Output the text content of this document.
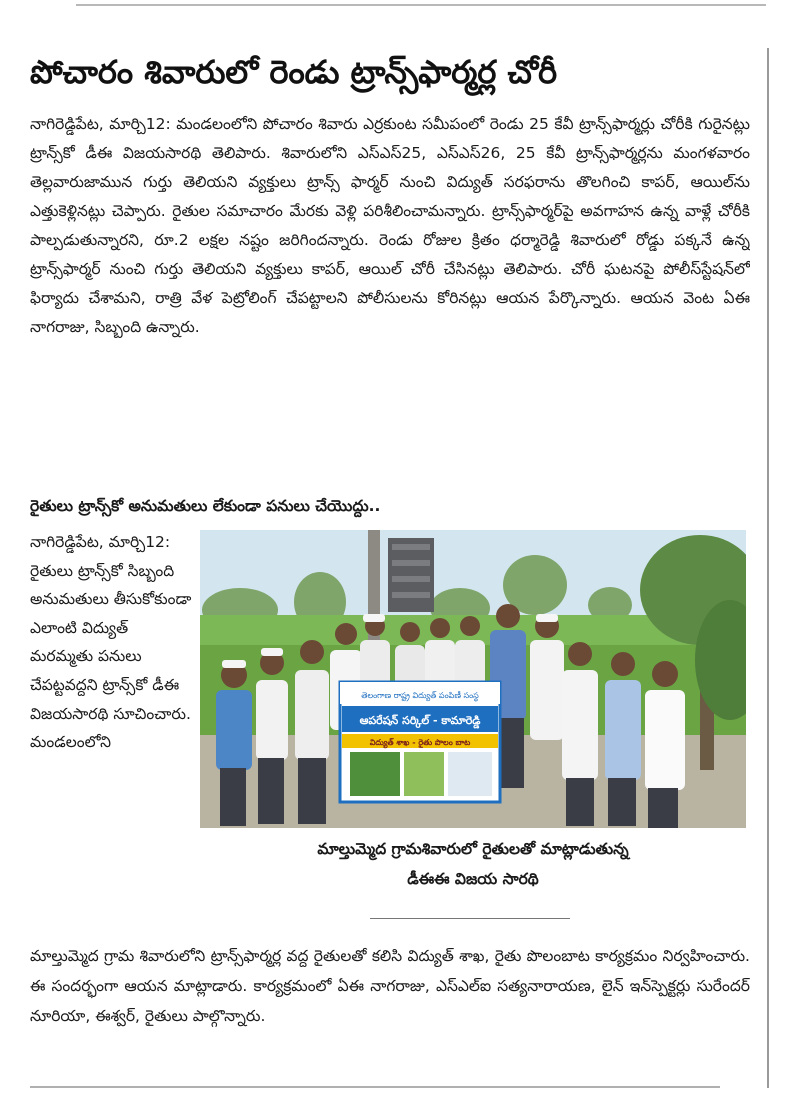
పోచారం శివారులో రెండు ట్రాన్స్‌ఫార్మర్ల చోరీ
నాగిరెడ్డిపేట, మార్చి12: మండలంలోని పోచారం శివారు ఎర్రకుంట సమీపంలో రెండు 25 కేవీ ట్రాన్స్‌ఫార్మర్లు చోరీకి గురైనట్లు ట్రాన్స్‌కో డీఈ విజయసారథి తెలిపారు. శివారులోని ఎస్ఎస్25, ఎస్ఎస్26, 25 కేవీ ట్రాన్స్‌ఫార్మర్లను మంగళవారం తెల్లవారుజామున గుర్తు తెలియని వ్యక్తులు ట్రాన్స్ ఫార్మర్ నుంచి విద్యుత్ సరఫరాను తొలగించి కాపర్, ఆయిల్‌ను ఎత్తుకెళ్లినట్లు చెప్పారు. రైతుల సమాచారం మేరకు వెళ్లి పరిశీలించామన్నారు. ట్రాన్స్‌ఫార్మర్‌పై అవగాహన ఉన్న వాళ్లే చోరీకి పాల్పడుతున్నారని, రూ.2 లక్షల నష్టం జరిగిందన్నారు. రెండు రోజుల క్రితం ధర్మారెడ్డి శివారులో రోడ్డు పక్కనే ఉన్న ట్రాన్స్‌ఫార్మర్ నుంచి గుర్తు తెలియని వ్యక్తులు కాపర్, ఆయిల్ చోరీ చేసినట్లు తెలిపారు. చోరీ ఘటనపై పోలీస్‌స్టేషన్‌లో ఫిర్యాదు చేశామని, రాత్రి వేళ పెట్రోలింగ్ చేపట్టాలని పోలీసులను కోరినట్లు ఆయన పేర్కొన్నారు. ఆయన వెంట ఏఈ నాగరాజు, సిబ్బంది ఉన్నారు.
రైతులు ట్రాన్స్‌కో అనుమతులు లేకుండా పనులు చేయొద్దు..
నాగిరెడ్డిపేట, మార్చి12: రైతులు ట్రాన్స్‌కో సిబ్బంది అనుమతులు తీసుకోకుండా ఎలాంటి విద్యుత్ మరమ్మతు పనులు చేపట్టవద్దని ట్రాన్స్‌కో డీఈ విజయసారథి సూచించారు. మండలంలోని
తెలంగాణ రాష్ట్ర విద్యుత్ పంపిణీ సంస్థ
ఆపరేషన్ సర్కిల్ - కామారెడ్డి
విద్యుత్ శాఖ - రైతు పొలం బాట
మాల్తుమ్మెద గ్రామశివారులో రైతులతో మాట్లాడుతున్న
డీఈఈ విజయ సారథి
మాల్తుమ్మెద గ్రామ శివారులోని ట్రాన్స్‌ఫార్మర్ల వద్ద రైతులతో కలిసి విద్యుత్ శాఖ, రైతు పొలంబాట కార్యక్రమం నిర్వహించారు. ఈ సందర్భంగా ఆయన మాట్లాడారు. కార్యక్రమంలో ఏఈ నాగరాజు, ఎస్ఎల్ఐ సత్యనారాయణ, లైన్ ఇన్‌స్పెక్టర్లు సురేందర్ నూరియా, ఈశ్వర్, రైతులు పాల్గొన్నారు.
